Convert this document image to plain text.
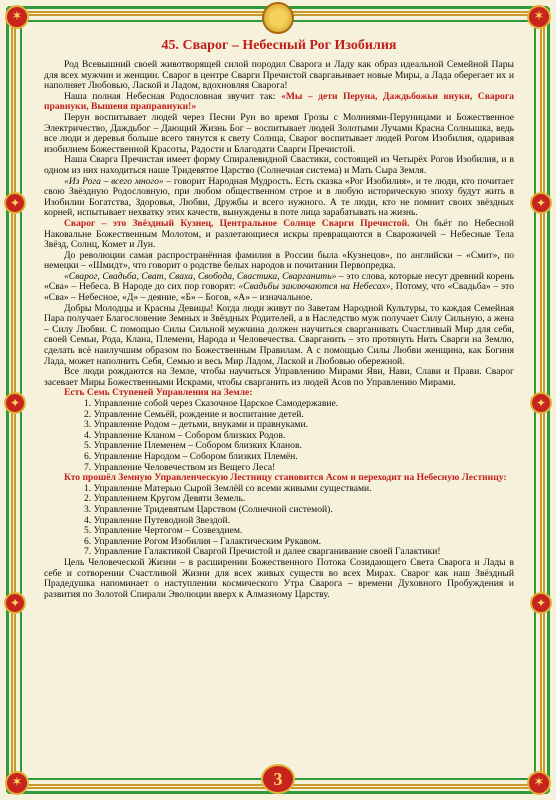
✶	✶
✶	✶
✦
✦
✦
✦
✦
✦
3
45. Сварог – Небесный Рог Изобилия

Род Всевышний своей животворящей силой породил Сварога и Ладу как образ идеальной Семейной Пары для всех мужчин и женщин. Сварог в центре Сварги Пречистой сваргањивает новые Миры, а Лада оберегает их и наполняет Любовью, Лаской и Ладом, вдохновляя Сварога!

Наша полная Небесная Родословная звучит так: «Мы – дети Перуна, Даждьбожьи внуки, Сварога правнуки, Вышеня праправнуки!»

Перун воспитывает людей через Песни Рун во время Грозы с Молниями-Перуницами и Божественное Электричество, Даждьбог – Дающий Жизнь Бог – воспитывает людей Золотыми Лучами Красна Солнышка, ведь все люди и деревья больше всего тянутся к свету Солнца, Сварог воспитывает людей Рогом Изобилия, одаривая изобилием Божественной Красоты, Радости и Благодати Сварги Пречистой.

Наша Сварга Пречистая имеет форму Спиралевидной Свастики, состоящей из Четырёх Рогов Изобилия, и в одном из них находиться наше Тридевятое Царство (Солнечная система) и Мать Сыра Земля.

«Из Рога – всего много» – говорит Народная Мудрость. Есть сказка «Рог Изобилия», и те люди, кто почитает свою Звёздную Родословную, при любом общественном строе и в любую историческую эпоху будут жить в Изобилии Богатства, Здоровья, Любви, Дружбы и всего нужного. А те люди, кто не помнит своих звёздных корней, испытывает нехватку этих качеств, вынуждены в поте лица зарабатывать на жизнь.

Сварог – это Звёздный Кузнец, Центральное Солнце Сварги Пречистой. Он бьёт по Небесной Наковальне Божественным Молотом, и разлетающиеся искры превращаются в Сварожичей – Небесные Тела Звёзд, Солнц, Комет и Лун.

До революции самая распространённая фамилия в России была «Кузнецов», по английски – «Смит», по немецки – «Шмидт», что говорит о родстве белых народов и почитании Первопредка.

«Сварог, Свадьба, Сват, Сваха, Свобода, Свастика, Сварганить» – это слова, которые несут древний корень «Сва» – Небеса. В Народе до сих пор говорят: «Свадьбы заключаются на Небесах», Потому, что «Свадьба» – это «Сва» – Небесное, «Д» – деяние, «Б» – Богов, «А» – изначальное.

Добры Молодцы и Красны Девицы! Когда люди живут по Заветам Народной Культуры, то каждая Семейная Пара получает Благословение Земных и Звёздных Родителей, а в Наследство муж получает Силу Сильную, а жена – Силу Любви. С помощью Силы Сильной мужчина должен научиться сварганивать Счастливый Мир для себя, своей Семьи, Рода, Клана, Племени, Народа и Человечества. Сварганить – это протянуть Нить Сварги на Землю, сделать всё наилучшим образом по Божественным Правилам. А с помощью Силы Любви женщина, как Богиня Лада, может наполнить Себя, Семью и весь Мир Ладом, Лаской и Любовью обережной.

Все люди рождаются на Земле, чтобы научиться Управлению Мирами Яви, Нави, Слави и Прави. Сварог засевает Миры Божественными Искрами, чтобы сварганить из людей Асов по Управлению Мирами.

Есть Семь Ступеней Управления на Земле:

1. Управление собой через Сказочное Царское Самодержавие.
2. Управление Семьёй, рождение и воспитание детей.
3. Управление Родом – детьми, внуками и правнуками.
4. Управление Кланом – Собором близких Родов.
5. Управление Племенем – Собором близких Кланов.
6. Управление Народом – Собором близких Племён.
7. Управление Человечеством из Вещего Леса!

Кто прошёл Земную Управленческую Лестницу становится Асом и переходит на Небесную Лестницу:

1. Управление Матерью Сырой Землёй со всеми живыми существами.
2. Управлением Кругом Девяти Земель.
3. Управление Тридевятым Царством (Солнечной системой).
4. Управление Путеводной Звездой.
5. Управление Чертогом – Созвездием.
6. Управление Рогом Изобилия – Галактическим Рукавом.
7. Управление Галактикой Сваргой Пречистой и далее сварганивание своей Галактики!

Цель Человеческой Жизни – в расширении Божественного Потока Созидающего Света Сварога и Лады в себе и сотворении Счастливой Жизни для всех живых существ во всех Мирах. Сварог как наш Звёздный Прадедушка напоминает о наступлении космического Утра Сварога – времени Духовного Пробуждения и развития по Золотой Спирали Эволюции вверх к Алмазному Царству.
